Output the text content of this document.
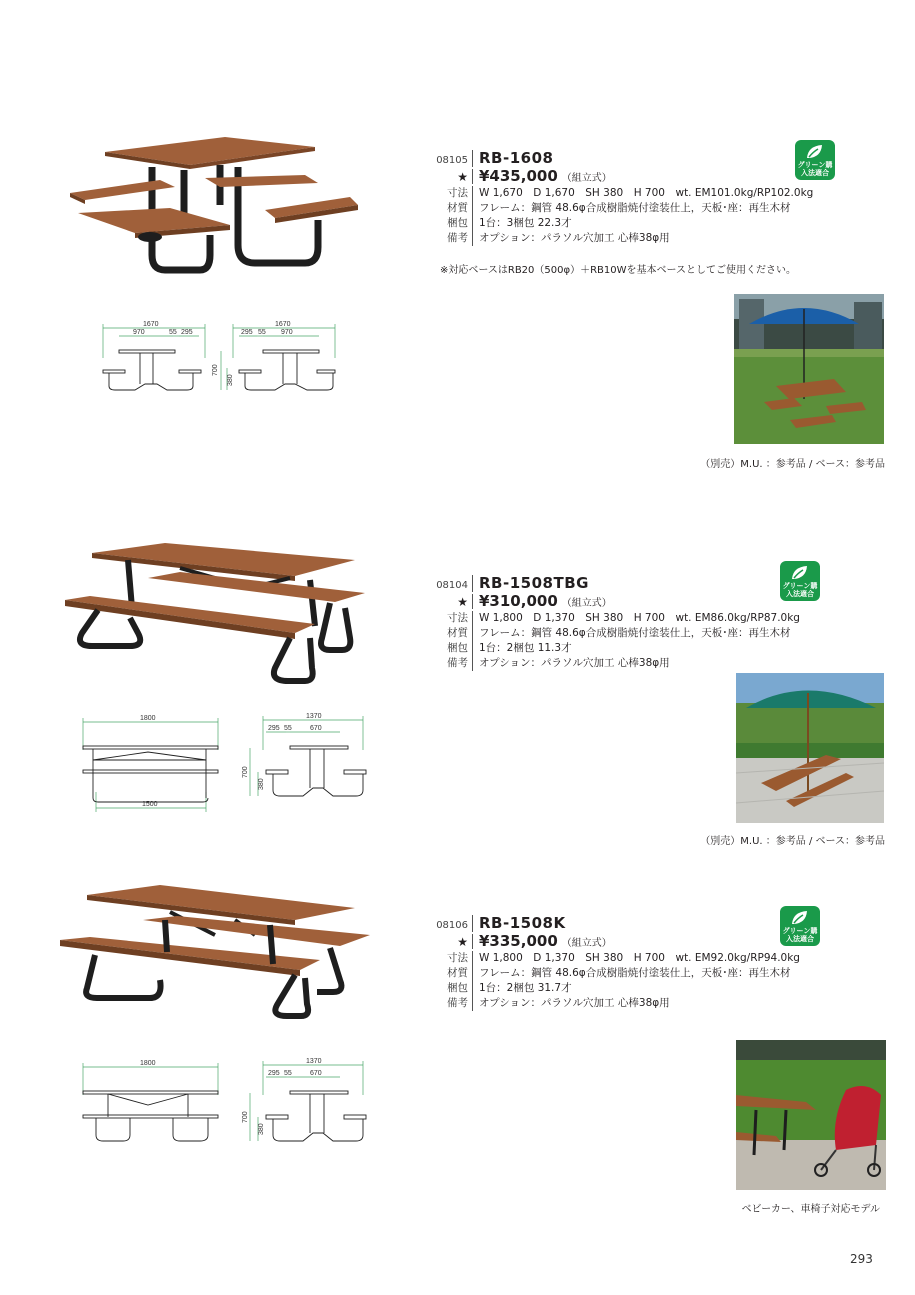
08105 RB-1608
★ ¥435,000 （組立式）
寸法	W 1,670　D 1,670　SH 380　H 700　wt. EM101.0kg/RP102.0kg
材質	フレーム：鋼管 48.6φ合成樹脂焼付塗装仕上，天板･座：再生木材
梱包	1台：3梱包 22.3才
備考	オプション：パラソル穴加工 心棒38φ用
※対応ベースはRB20（500φ）＋RB10Wを基本ベースとしてご使用ください。
グリーン購入法適合
1670
970	55 295
1670
295 55 970
700
380
（別売）M.U. ：参考品 / ベース：参考品
08104 RB-1508TBG
★ ¥310,000 （組立式）
寸法	W 1,800　D 1,370　SH 380　H 700　wt. EM86.0kg/RP87.0kg
材質	フレーム：鋼管 48.6φ合成樹脂焼付塗装仕上，天板･座：再生木材
梱包	1台：2梱包 11.3才
備考	オプション：パラソル穴加工 心棒38φ用
グリーン購入法適合
1800
1500
1370
295 55	670
700
380
（別売）M.U. ：参考品 / ベース：参考品
08106 RB-1508K
★ ¥335,000 （組立式）
寸法	W 1,800　D 1,370　SH 380　H 700　wt. EM92.0kg/RP94.0kg
材質	フレーム：鋼管 48.6φ合成樹脂焼付塗装仕上，天板･座：再生木材
梱包	1台：2梱包 31.7才
備考	オプション：パラソル穴加工 心棒38φ用
グリーン購入法適合
1800	1370
295 55	670
700
380
ベビーカー、車椅子対応モデル
293
